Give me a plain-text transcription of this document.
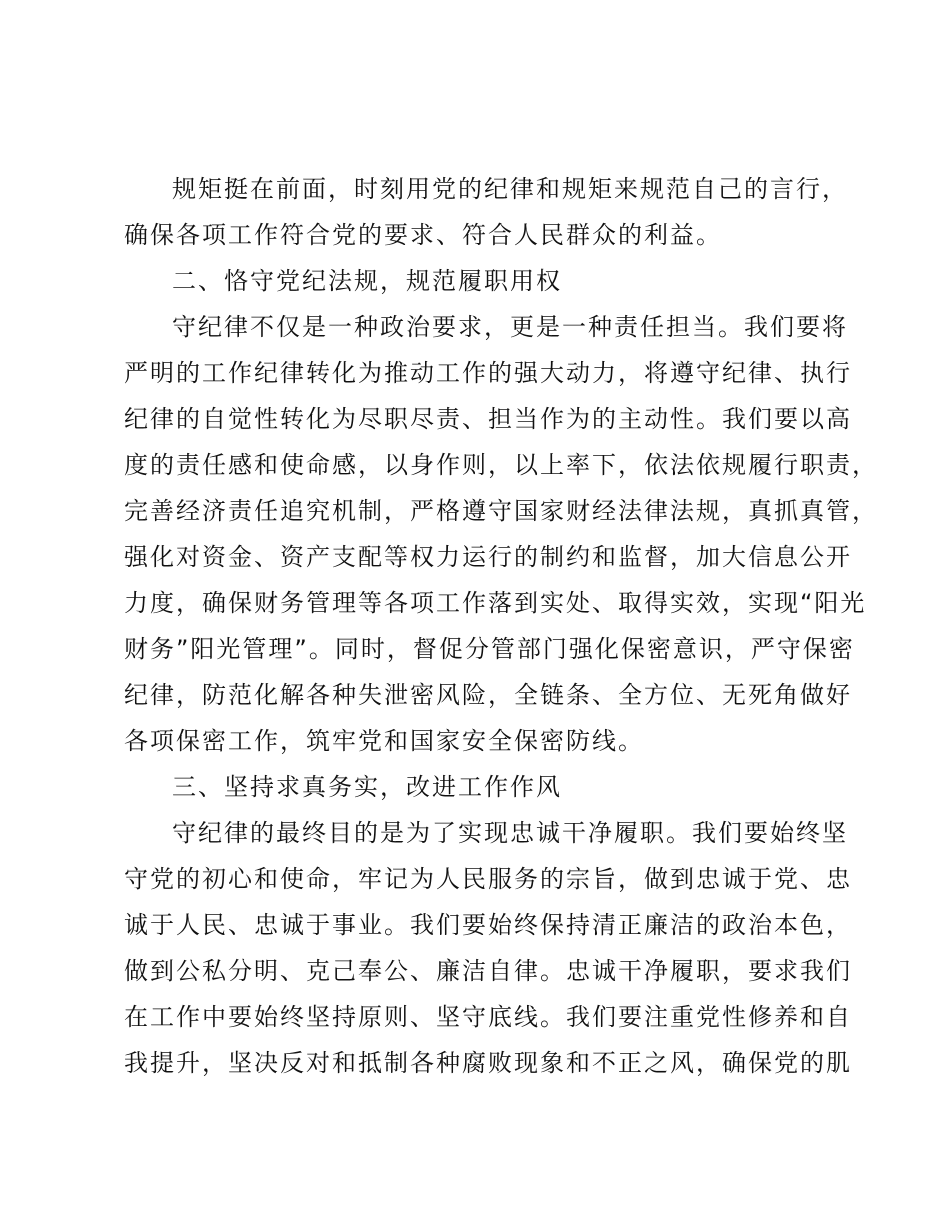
规矩挺在前面，时刻用党的纪律和规矩来规范自己的言行，
确保各项工作符合党的要求、符合人民群众的利益。
二、恪守党纪法规，规范履职用权
守纪律不仅是一种政治要求，更是一种责任担当。我们要将
严明的工作纪律转化为推动工作的强大动力，将遵守纪律、执行
纪律的自觉性转化为尽职尽责、担当作为的主动性。我们要以高
度的责任感和使命感，以身作则，以上率下，依法依规履行职责，
完善经济责任追究机制，严格遵守国家财经法律法规，真抓真管，
强化对资金、资产支配等权力运行的制约和监督，加大信息公开
力度，确保财务管理等各项工作落到实处、取得实效，实现“阳光
财务”阳光管理”。同时，督促分管部门强化保密意识，严守保密
纪律，防范化解各种失泄密风险，全链条、全方位、无死角做好
各项保密工作，筑牢党和国家安全保密防线。
三、坚持求真务实，改进工作作风
守纪律的最终目的是为了实现忠诚干净履职。我们要始终坚
守党的初心和使命，牢记为人民服务的宗旨，做到忠诚于党、忠
诚于人民、忠诚于事业。我们要始终保持清正廉洁的政治本色，
做到公私分明、克己奉公、廉洁自律。忠诚干净履职，要求我们
在工作中要始终坚持原则、坚守底线。我们要注重党性修养和自
我提升，坚决反对和抵制各种腐败现象和不正之风，确保党的肌
